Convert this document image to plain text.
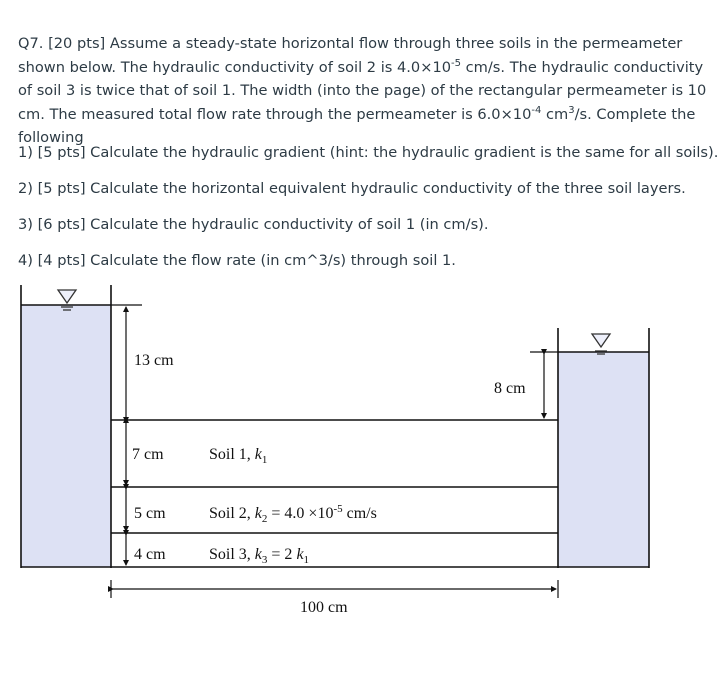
Q7. [20 pts] Assume a steady-state horizontal flow through three soils in the permeameter shown below. The hydraulic conductivity of soil 2 is $4.0\times 10^{-5}$ cm/s. The hydraulic conductivity of soil 3 is twice that of soil 1. The width (into the page) of the rectangular permeameter is 10 cm. The measured total flow rate through the permeameter is $6.0\times 10^{-4}$ $cm^3/s$. Complete the following
1) [5 pts] Calculate the hydraulic gradient (hint: the hydraulic gradient is the same for all soils).
2) [5 pts] Calculate the horizontal equivalent hydraulic conductivity of the three soil layers.
3) [6 pts] Calculate the hydraulic conductivity of soil 1 (in cm/s).
4) [4 pts] Calculate the flow rate (in cm^3/s) through soil 1.
13 cm
8 cm
7 cm
5 cm
4 cm
Soil 1, $k_1$
Soil 2, $k_2 = 4.0 \times 10^{-5}$ cm/s
Soil 3, $k_3 = 2$ $k_1$
100 cm
